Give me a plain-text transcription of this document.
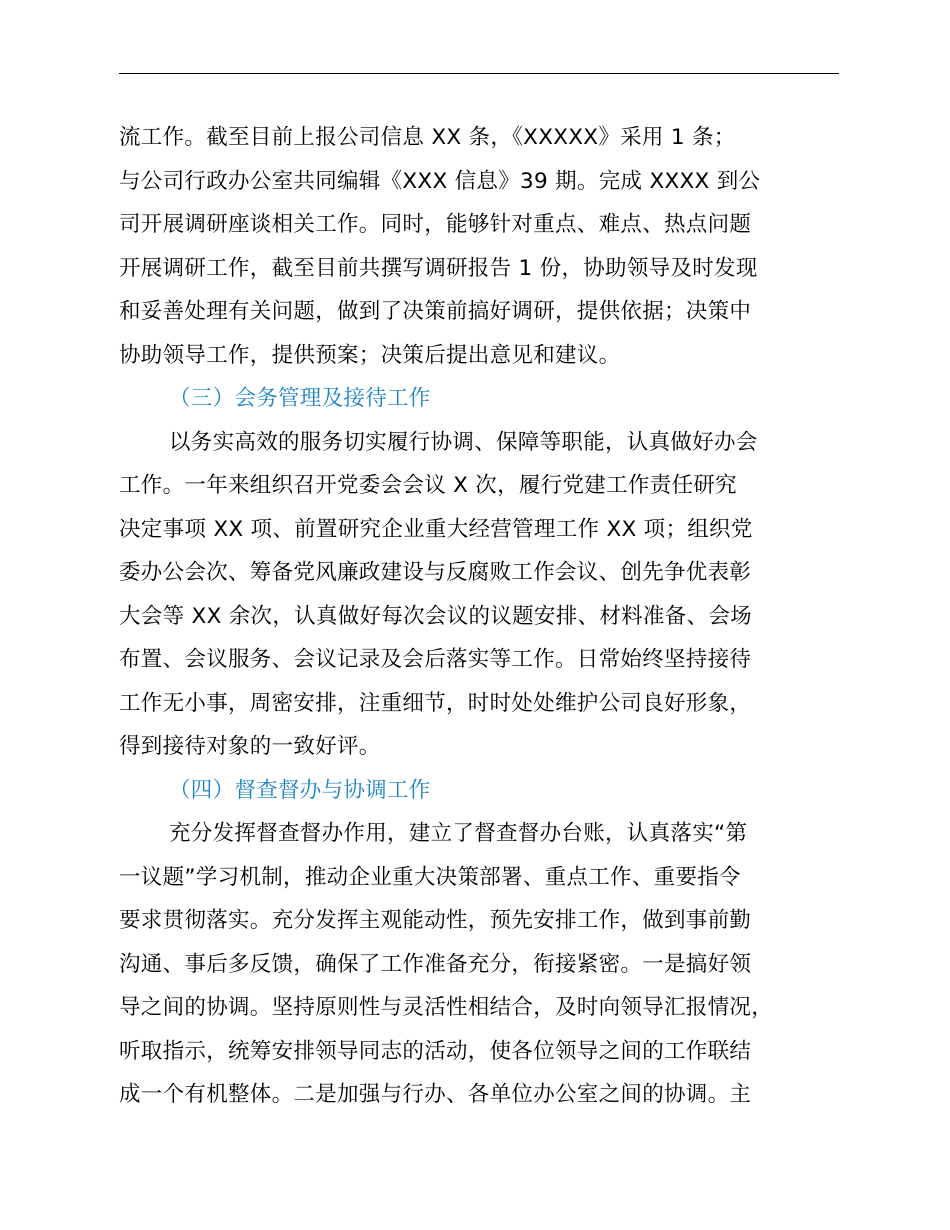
流工作。截至目前上报公司信息 XX 条，《XXXXX》采用 1 条；
与公司行政办公室共同编辑《XXX 信息》39 期。完成 XXXX 到公
司开展调研座谈相关工作。同时，能够针对重点、难点、热点问题
开展调研工作，截至目前共撰写调研报告 1 份，协助领导及时发现
和妥善处理有关问题，做到了决策前搞好调研，提供依据；决策中
协助领导工作，提供预案；决策后提出意见和建议。
（三）会务管理及接待工作
以务实高效的服务切实履行协调、保障等职能，认真做好办会
工作。一年来组织召开党委会会议 X 次，履行党建工作责任研究
决定事项 XX 项、前置研究企业重大经营管理工作 XX 项；组织党
委办公会次、筹备党风廉政建设与反腐败工作会议、创先争优表彰
大会等 XX 余次，认真做好每次会议的议题安排、材料准备、会场
布置、会议服务、会议记录及会后落实等工作。日常始终坚持接待
工作无小事，周密安排，注重细节，时时处处维护公司良好形象，
得到接待对象的一致好评。
（四）督查督办与协调工作
充分发挥督查督办作用，建立了督查督办台账，认真落实“第
一议题”学习机制，推动企业重大决策部署、重点工作、重要指令
要求贯彻落实。充分发挥主观能动性，预先安排工作，做到事前勤
沟通、事后多反馈，确保了工作准备充分，衔接紧密。一是搞好领
导之间的协调。坚持原则性与灵活性相结合，及时向领导汇报情况，
听取指示，统筹安排领导同志的活动，使各位领导之间的工作联结
成一个有机整体。二是加强与行办、各单位办公室之间的协调。主
